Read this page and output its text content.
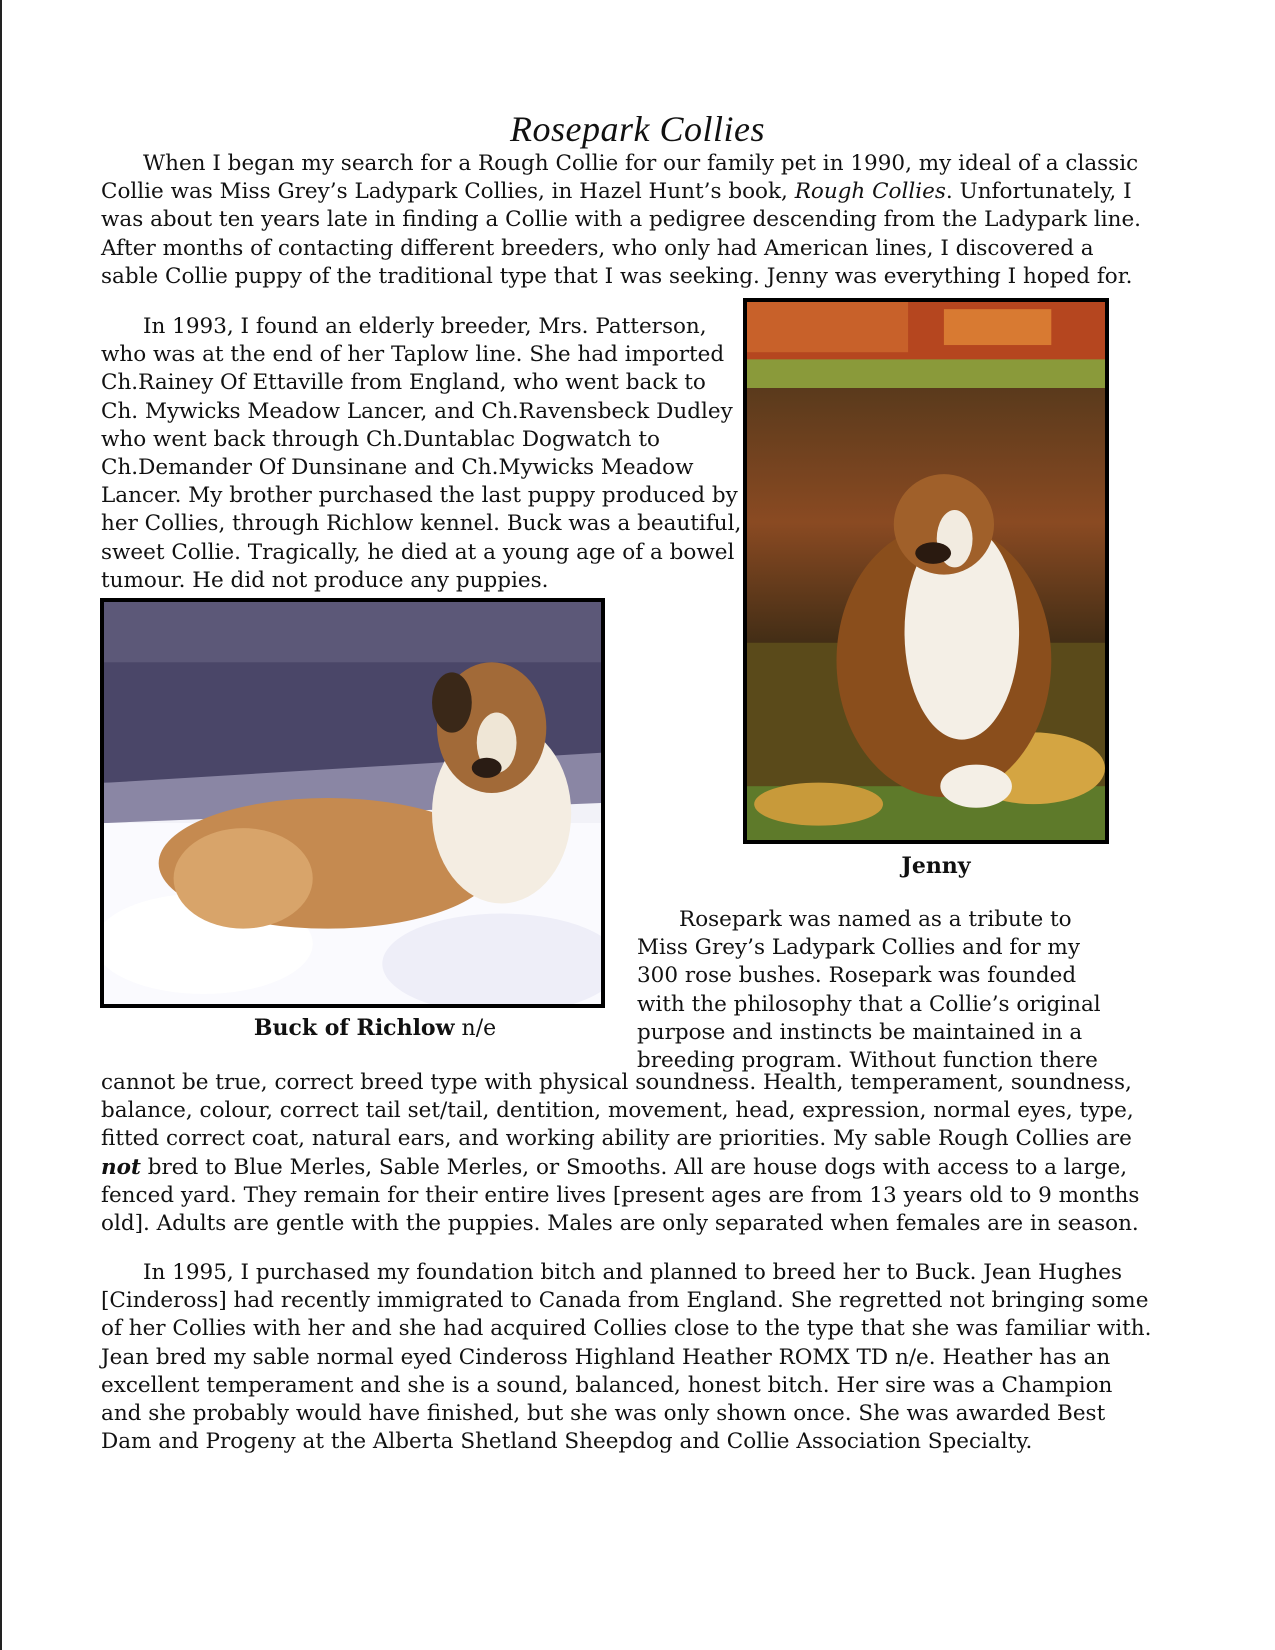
Rosepark Collies
When I began my search for a Rough Collie for our family pet in 1990, my ideal of a classic
Collie was Miss Grey’s Ladypark Collies, in Hazel Hunt’s book, Rough Collies. Unfortunately, I
was about ten years late in finding a Collie with a pedigree descending from the Ladypark line.
After months of contacting different breeders, who only had American lines, I discovered a
sable Collie puppy of the traditional type that I was seeking. Jenny was everything I hoped for.
In 1993, I found an elderly breeder, Mrs. Patterson,
who was at the end of her Taplow line. She had imported
Ch.Rainey Of Ettaville from England, who went back to
Ch. Mywicks Meadow Lancer, and Ch.Ravensbeck Dudley
who went back through Ch.Duntablac Dogwatch to
Ch.Demander Of Dunsinane and Ch.Mywicks Meadow
Lancer. My brother purchased the last puppy produced by
her Collies, through Richlow kennel. Buck was a beautiful,
sweet Collie. Tragically, he died at a young age of a bowel
tumour. He did not produce any puppies.
Jenny
Buck of Richlow n/e
Rosepark was named as a tribute to
Miss Grey’s Ladypark Collies and for my
300 rose bushes. Rosepark was founded
with the philosophy that a Collie’s original
purpose and instincts be maintained in a
breeding program. Without function there
cannot be true, correct breed type with physical soundness. Health, temperament, soundness,
balance, colour, correct tail set/tail, dentition, movement, head, expression, normal eyes, type,
fitted correct coat, natural ears, and working ability are priorities. My sable Rough Collies are
not bred to Blue Merles, Sable Merles, or Smooths. All are house dogs with access to a large,
fenced yard. They remain for their entire lives [present ages are from 13 years old to 9 months
old]. Adults are gentle with the puppies. Males are only separated when females are in season.
In 1995, I purchased my foundation bitch and planned to breed her to Buck. Jean Hughes
[Cindeross] had recently immigrated to Canada from England. She regretted not bringing some
of her Collies with her and she had acquired Collies close to the type that she was familiar with.
Jean bred my sable normal eyed Cindeross Highland Heather ROMX TD n/e. Heather has an
excellent temperament and she is a sound, balanced, honest bitch. Her sire was a Champion
and she probably would have finished, but she was only shown once. She was awarded Best
Dam and Progeny at the Alberta Shetland Sheepdog and Collie Association Specialty.
